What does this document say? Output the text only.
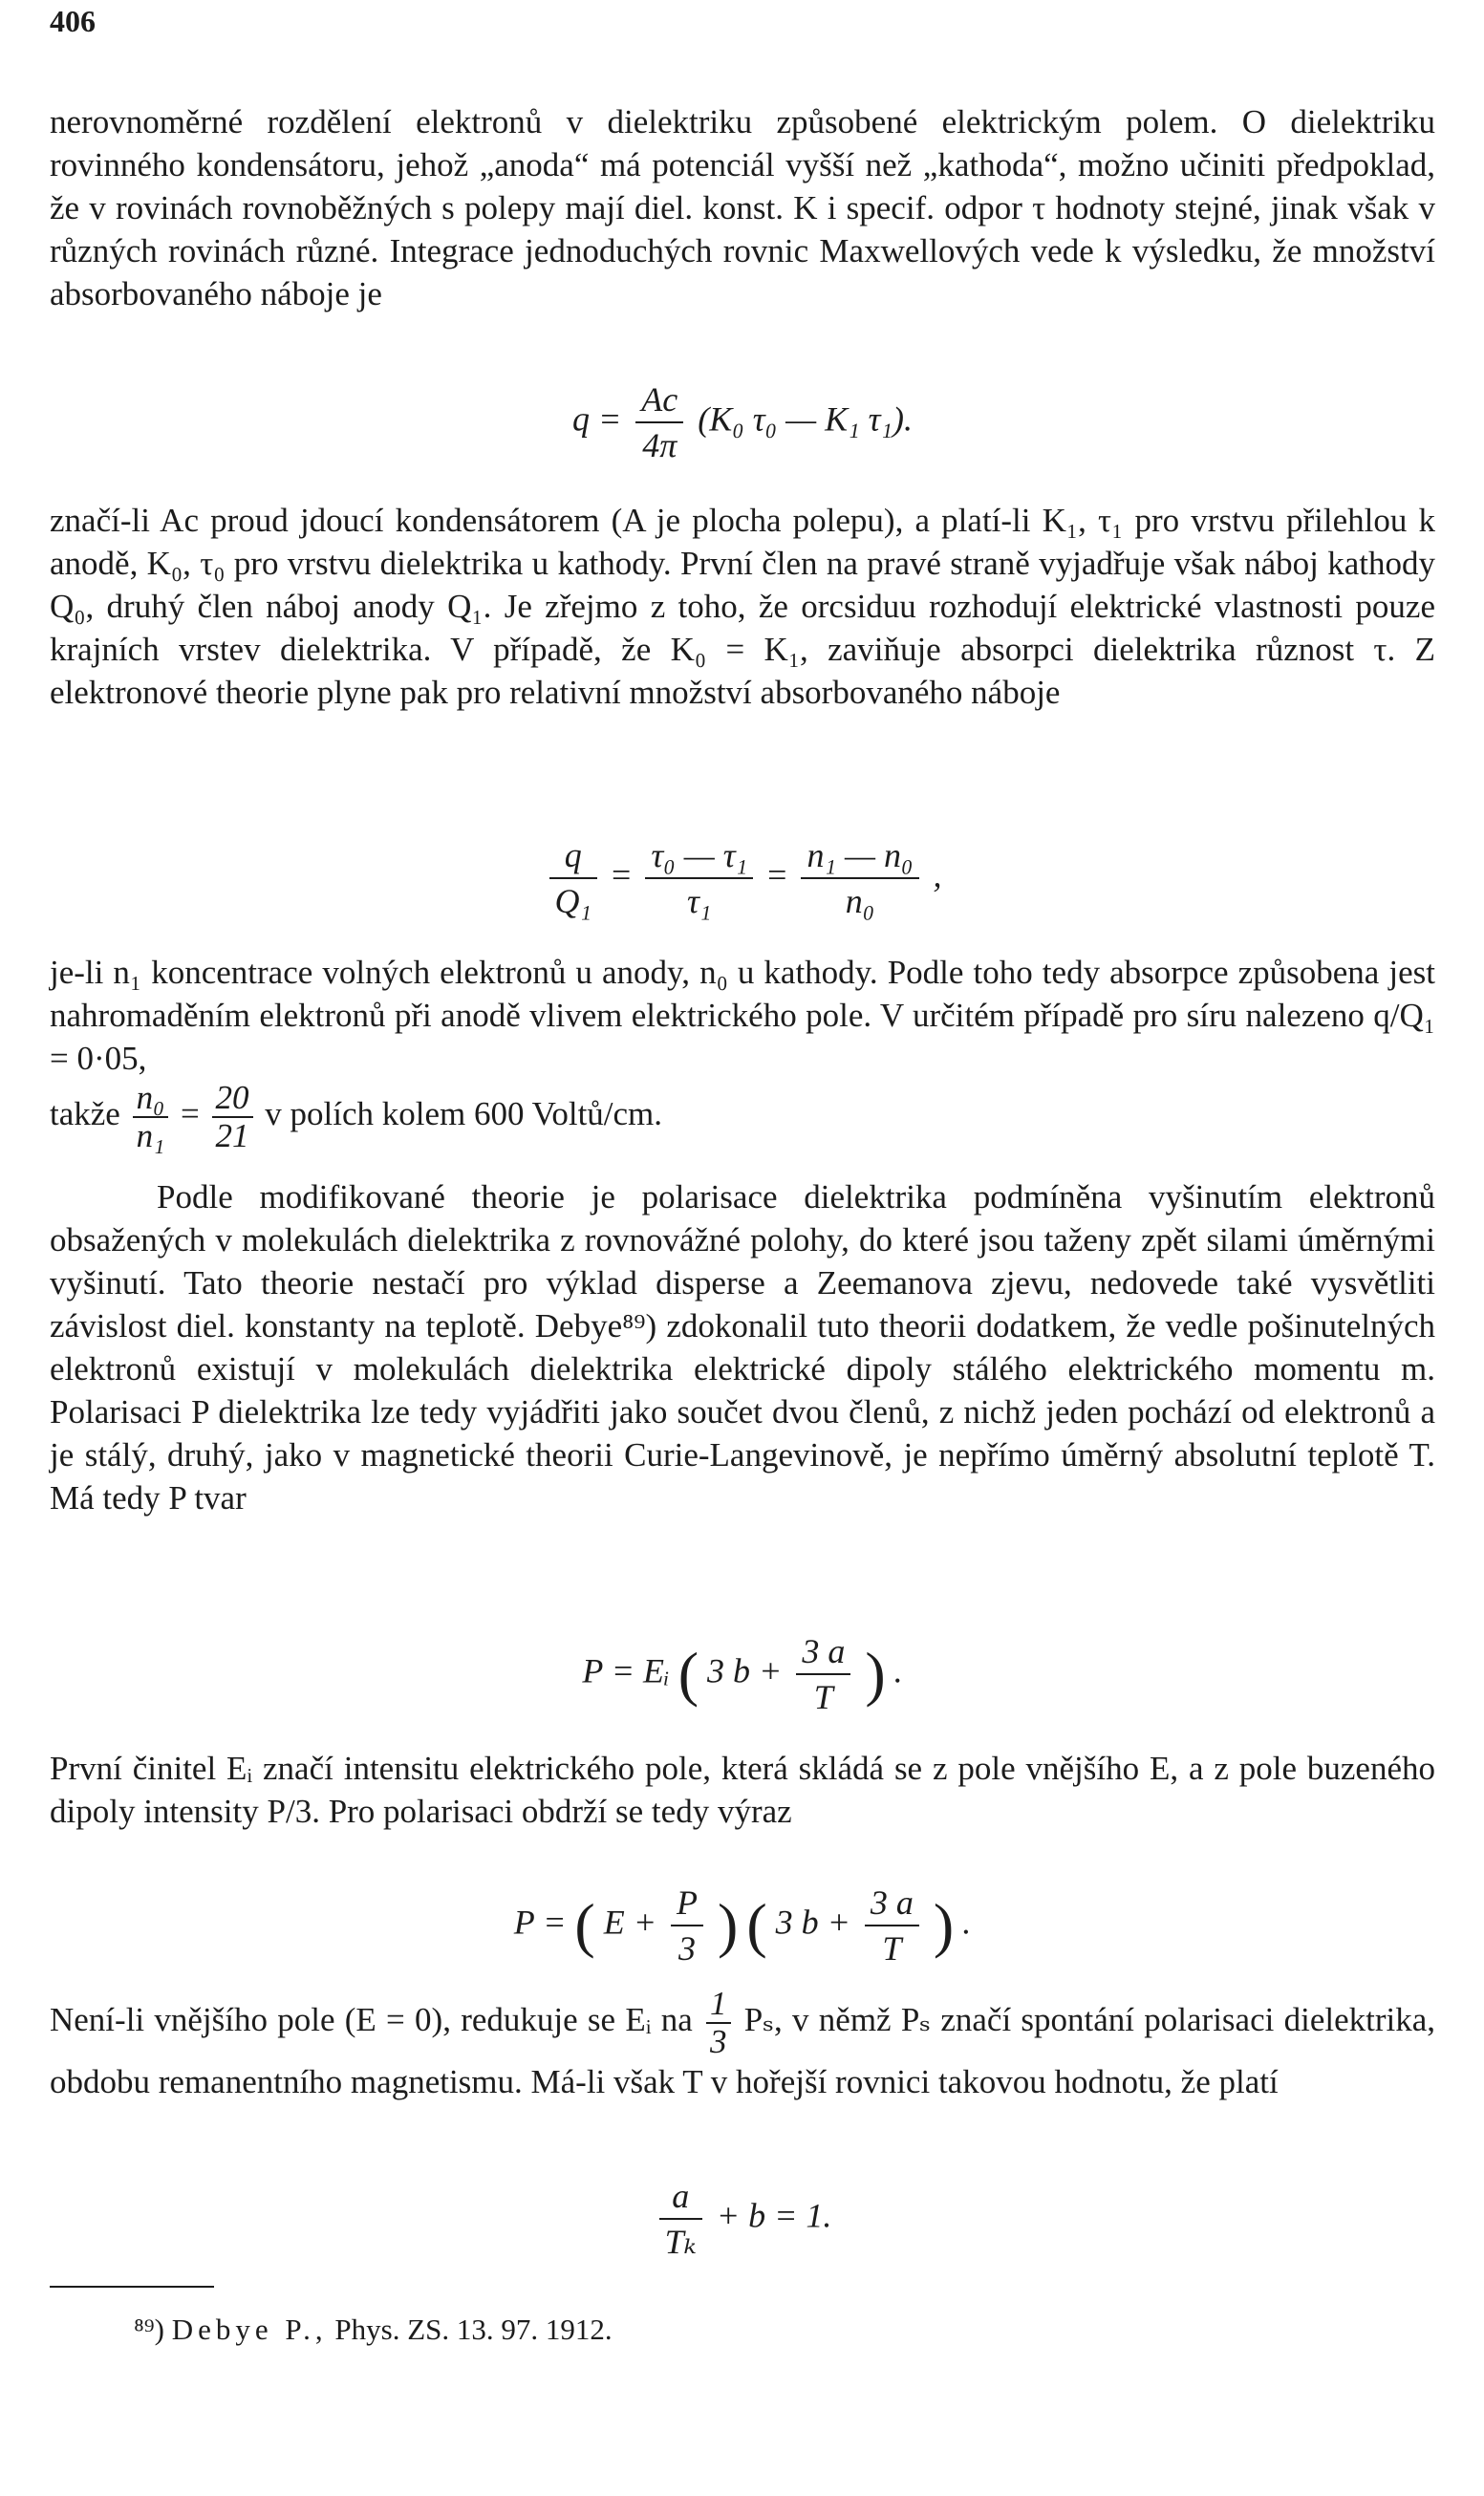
406

nerovnoměrné rozdělení elektronů v dielektriku způsobené elektrickým polem. O dielektriku rovinného kondensátoru, jehož „anoda“ má potenciál vyšší než „kathoda“, možno učiniti předpoklad, že v rovinách rovnoběžných s polepy mají diel. konst. K i specif. odpor τ hodnoty stejné, jinak však v různých rovinách různé. Integrace jednoduchých rovnic Maxwellových vede k výsledku, že množství absorbovaného náboje je

$q = \frac{Ac}{4\pi} (K_0$ τ₀ — K₁ τ₁).

značí-li Ac proud jdoucí kondensátorem (A je plocha polepu), a platí-li K₁, τ₁ pro vrstvu přilehlou k anodě, K₀, τ₀ pro vrstvu dielektrika u kathody. První člen na pravé straně vyjadřuje však náboj kathody Q₀, druhý člen náboj anody Q₁. Je zřejmo z toho, že orcsiduu rozhodují elektrické vlastnosti pouze krajních vrstev dielektrika. V případě, že K₀ = K₁, zaviňuje absorpci dielektrika různost τ. Z elektronové theorie plyne pak pro relativní množství absorbovaného náboje

$\frac{q}{\text{Q₁}} = \frac{\text{τ₀ — τ₁}}{\text{τ₁}} = \frac{\text{n₁ — n₀}}{\text{n₀}}$ ,

je-li n₁ koncentrace volných elektronů u anody, n₀ u kathody. Podle toho tedy absorpce způsobena jest nahromaděním elektronů při anodě vlivem elektrického pole. V určitém případě pro síru nalezeno q/Q₁ = 0·05,

takže $\frac{\text{n₀}}{\text{n₁}} = \frac{20}{21}$ v polích kolem 600 Voltů/cm.

Podle modifikované theorie je polarisace dielektrika podmíněna vyšinutím elektronů obsažených v molekulách dielektrika z rovnovážné polohy, do které jsou taženy zpět silami úměrnými vyšinutí. Tato theorie nestačí pro výklad disperse a Zeemanova zjevu, nedovede také vysvětliti závislost diel. konstanty na teplotě. Debye⁸⁹) zdokonalil tuto theorii dodatkem, že vedle pošinutelných elektronů existují v molekulách dielektrika elektrické dipoly stálého elektrického momentu m. Polarisaci P dielektrika lze tedy vyjádřiti jako součet dvou členů, z nichž jeden pochází od elektronů a je stálý, druhý, jako v magnetické theorii Curie-Langevinově, je nepřímo úměrný absolutní teplotě T. Má tedy P tvar

P = Eᵢ ( 3 $b + \frac{3 a}{T}$ ) .

První činitel Eᵢ značí intensitu elektrického pole, která skládá se z pole vnějšího E, a z pole buzeného dipoly intensity P/3. Pro polarisaci obdrží se tedy výraz

P = ( $E + \frac{P}{3}$ ) ( 3 $b + \frac{3 a}{T}$ ) .
Není-li vnějšího pole (E = 0), redukuje se Eᵢ na $\frac{1}{3} P_s$, v němž Pₛ značí spontání polarisaci dielektrika, obdobu remanentního magnetismu. Má-li však T v hořejší rovnici takovou hodnotu, že platí
$\frac{a}{\text{Tₖ}} + b = 1$.
⁸⁹) Debye P., Phys. ZS. 13. 97. 1912.
